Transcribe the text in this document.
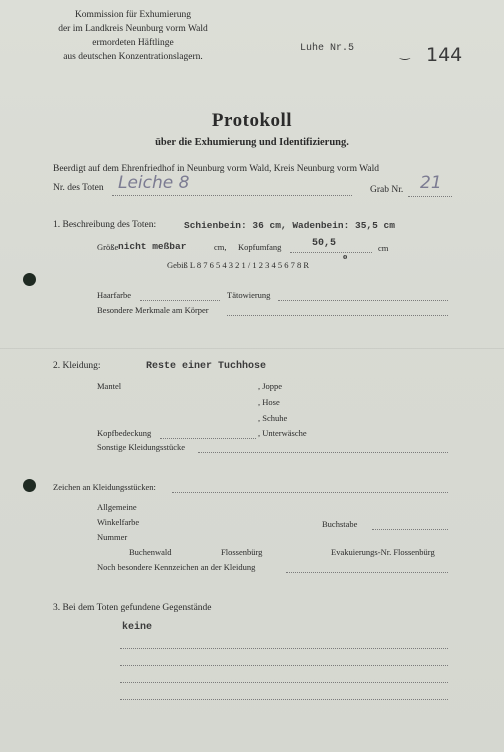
Kommission für Exhumierung
der im Landkreis Neunburg vorm Wald
ermordeten Häftlinge
aus deutschen Konzentrationslagern.
Luhe Nr.5	‿ 144
Protokoll
über die Exhumierung und Identifizierung.
Beerdigt auf dem Ehrenfriedhof in Neunburg vorm Wald, Kreis Neunburg vorm Wald
Nr. des Toten Leiche 8	Grab Nr. 21
1. Beschreibung des Toten:	Schienbein: 36 cm, Wadenbein: 35,5 cm
Größe nicht meßbar	cm, Kopfumfang	50,5	cm
o
Gebiß L 8 7 6 5 4 3 2 1 / 1 2 3 4 5 6 7 8 R
Haarfarbe	Tätowierung
Besondere Merkmale am Körper
2. Kleidung:	Reste einer Tuchhose
Mantel	, Joppe
, Hose
, Schuhe
Kopfbedeckung	, Unterwäsche
Sonstige Kleidungsstücke
Zeichen an Kleidungsstücken:
Allgemeine
Winkelfarbe	Buchstabe
Nummer
Buchenwald	Flossenbürg	Evakuierungs-Nr. Flossenbürg
Noch besondere Kennzeichen an der Kleidung
3. Bei dem Toten gefundene Gegenstände
keine
